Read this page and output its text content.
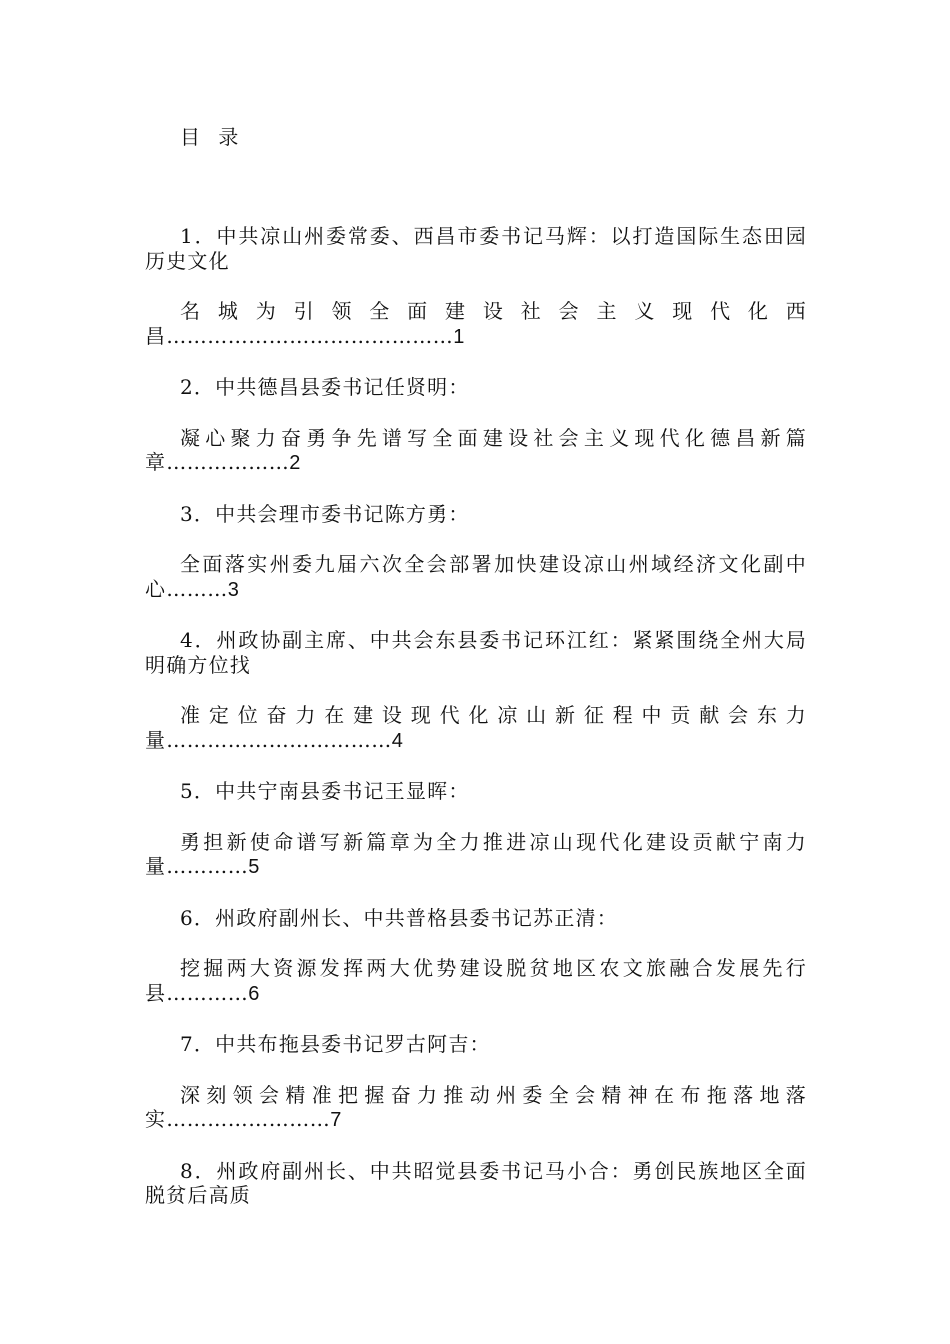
目 录

1．中共凉山州委常委、西昌市委书记马辉：以打造国际生态田园历史文化

名城为引领全面建设社会主义现代化西昌……………………………………1

2．中共德昌县委书记任贤明：

凝心聚力奋勇争先谱写全面建设社会主义现代化德昌新篇章………………2

3．中共会理市委书记陈方勇：

全面落实州委九届六次全会部署加快建设凉山州域经济文化副中心………3

4．州政协副主席、中共会东县委书记环江红：紧紧围绕全州大局明确方位找

准定位奋力在建设现代化凉山新征程中贡献会东力量……………………………4

5．中共宁南县委书记王显晖：

勇担新使命谱写新篇章为全力推进凉山现代化建设贡献宁南力量…………5

6．州政府副州长、中共普格县委书记苏正清：

挖掘两大资源发挥两大优势建设脱贫地区农文旅融合发展先行县…………6

7．中共布拖县委书记罗古阿吉：

深刻领会精准把握奋力推动州委全会精神在布拖落地落实……………………7

8．州政府副州长、中共昭觉县委书记马小合：勇创民族地区全面脱贫后高质
